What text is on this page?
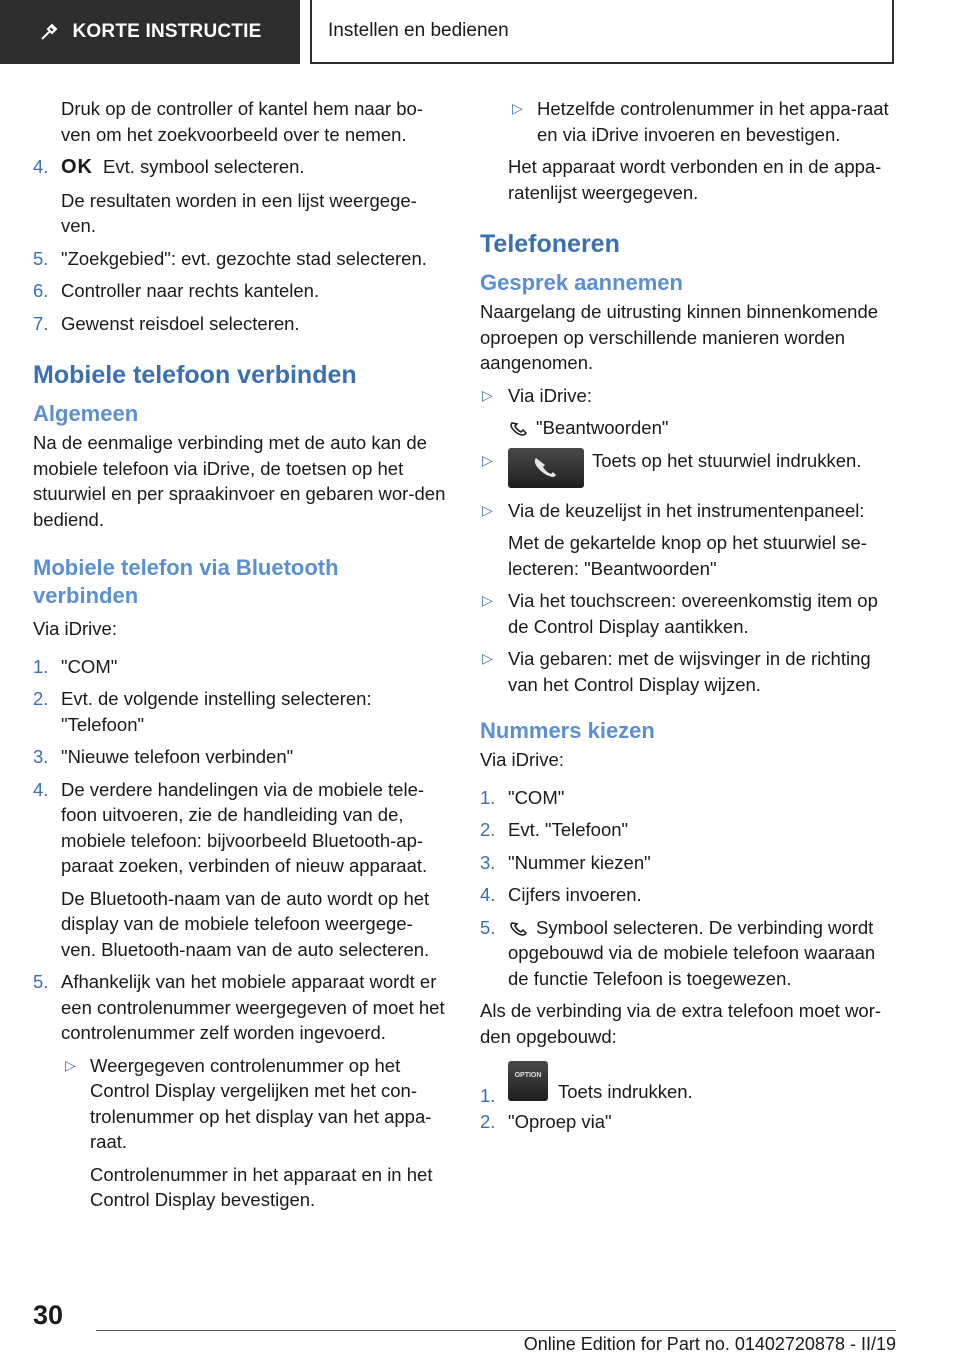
KORTE INSTRUCTIE	Instellen en bedienen
Druk op de controller of kantel hem naar bo-ven om het zoekvoorbeeld over te nemen.
4. OK Evt. symbool selecteren.
De resultaten worden in een lijst weergege-ven.
5. "Zoekgebied": evt. gezochte stad selecteren.
6. Controller naar rechts kantelen.
7. Gewenst reisdoel selecteren.
Mobiele telefoon verbinden
Algemeen
Na de eenmalige verbinding met de auto kan de mobiele telefoon via iDrive, de toetsen op het stuurwiel en per spraakinvoer en gebaren wor-den bediend.
Mobiele telefon via Bluetooth verbinden
Via iDrive:
1. "COM"
2. Evt. de volgende instelling selecteren: "Telefoon"
3. "Nieuwe telefoon verbinden"
4. De verdere handelingen via de mobiele tele-foon uitvoeren, zie de handleiding van de, mobiele telefoon: bijvoorbeeld Bluetooth-ap-paraat zoeken, verbinden of nieuw apparaat.
De Bluetooth-naam van de auto wordt op het display van de mobiele telefoon weergege-ven. Bluetooth-naam van de auto selecteren.
5. Afhankelijk van het mobiele apparaat wordt er een controlenummer weergegeven of moet het controlenummer zelf worden ingevoerd.
▷ Weergegeven controlenummer op het Control Display vergelijken met het con-trolenummer op het display van het appa-raat.
Controlenummer in het apparaat en in het Control Display bevestigen.
▷ Hetzelfde controlenummer in het appa-raat en via iDrive invoeren en bevestigen.
Het apparaat wordt verbonden en in de appa-ratenlijst weergegeven.
Telefoneren
Gesprek aannemen
Naargelang de uitrusting kinnen binnenkomende oproepen op verschillende manieren worden aangenomen.
▷ Via iDrive:
"Beantwoorden"
▷	Toets op het stuurwiel indrukken.
▷ Via de keuzelijst in het instrumentenpaneel:
Met de gekartelde knop op het stuurwiel se-lecteren: "Beantwoorden"
▷ Via het touchscreen: overeenkomstig item op de Control Display aantikken.
▷ Via gebaren: met de wijsvinger in de richting van het Control Display wijzen.
Nummers kiezen
Via iDrive:
1. "COM"
2. Evt. "Telefoon"
3. "Nummer kiezen"
4. Cijfers invoeren.
5. Symbool selecteren. De verbinding wordt opgebouwd via de mobiele telefoon waaraan de functie Telefoon is toegewezen.
Als de verbinding via de extra telefoon moet wor-den opgebouwd:
1.
OPTION
Toets indrukken.
2. "Oproep via"
30
Online Edition for Part no. 01402720878 - II/19
